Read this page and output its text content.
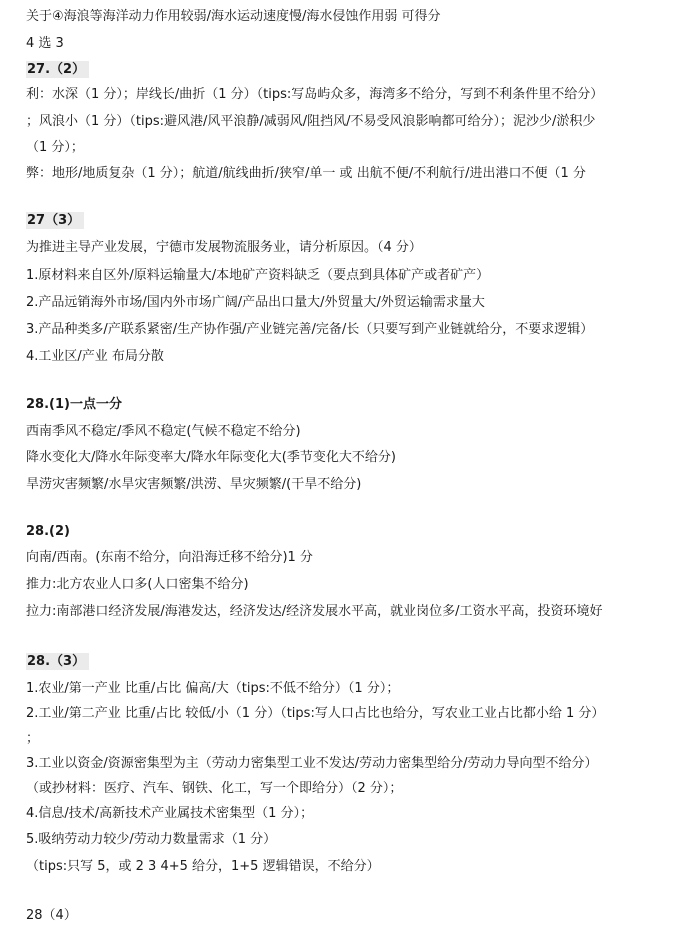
关于④海浪等海洋动力作用较弱/海水运动速度慢/海水侵蚀作用弱 可得分
4 选 3
27.（2）
利：水深（1 分）；岸线长/曲折（1 分）（tips:写岛屿众多，海湾多不给分，写到不利条件里不给分）
；风浪小（1 分）（tips:避风港/风平浪静/减弱风/阻挡风/不易受风浪影响都可给分）；泥沙少/淤积少
（1 分）；
弊：地形/地质复杂（1 分）；航道/航线曲折/狭窄/单一 或 出航不便/不利航行/进出港口不便（1 分
27（3）
为推进主导产业发展，宁德市发展物流服务业，请分析原因。（4 分）
1.原材料来自区外/原料运输量大/本地矿产资料缺乏（要点到具体矿产或者矿产）
2.产品远销海外市场/国内外市场广阔/产品出口量大/外贸量大/外贸运输需求量大
3.产品种类多/产联系紧密/生产协作强/产业链完善/完备/长（只要写到产业链就给分，不要求逻辑）
4.工业区/产业 布局分散
28.(1)一点一分
西南季风不稳定/季风不稳定(气候不稳定不给分)
降水变化大/降水年际变率大/降水年际变化大(季节变化大不给分)
旱涝灾害频繁/水旱灾害频繁/洪涝、旱灾频繁/(干旱不给分)
28.(2)
向南/西南。(东南不给分，向沿海迁移不给分)1 分
推力:北方农业人口多(人口密集不给分)
拉力:南部港口经济发展/海港发达，经济发达/经济发展水平高，就业岗位多/工资水平高，投资环境好
28.（3）
1.农业/第一产业 比重/占比 偏高/大（tips:不低不给分）（1 分）；
2.工业/第二产业 比重/占比 较低/小（1 分）（tips:写人口占比也给分，写农业工业占比都小给 1 分）
；
3.工业以资金/资源密集型为主（劳动力密集型工业不发达/劳动力密集型给分/劳动力导向型不给分）
（或抄材料：医疗、汽车、钢铁、化工，写一个即给分）（2 分）；
4.信息/技术/高新技术产业属技术密集型（1 分）；
5.吸纳劳动力较少/劳动力数量需求（1 分）
（tips:只写 5，或 2 3 4+5 给分，1+5 逻辑错误，不给分）
28（4）
